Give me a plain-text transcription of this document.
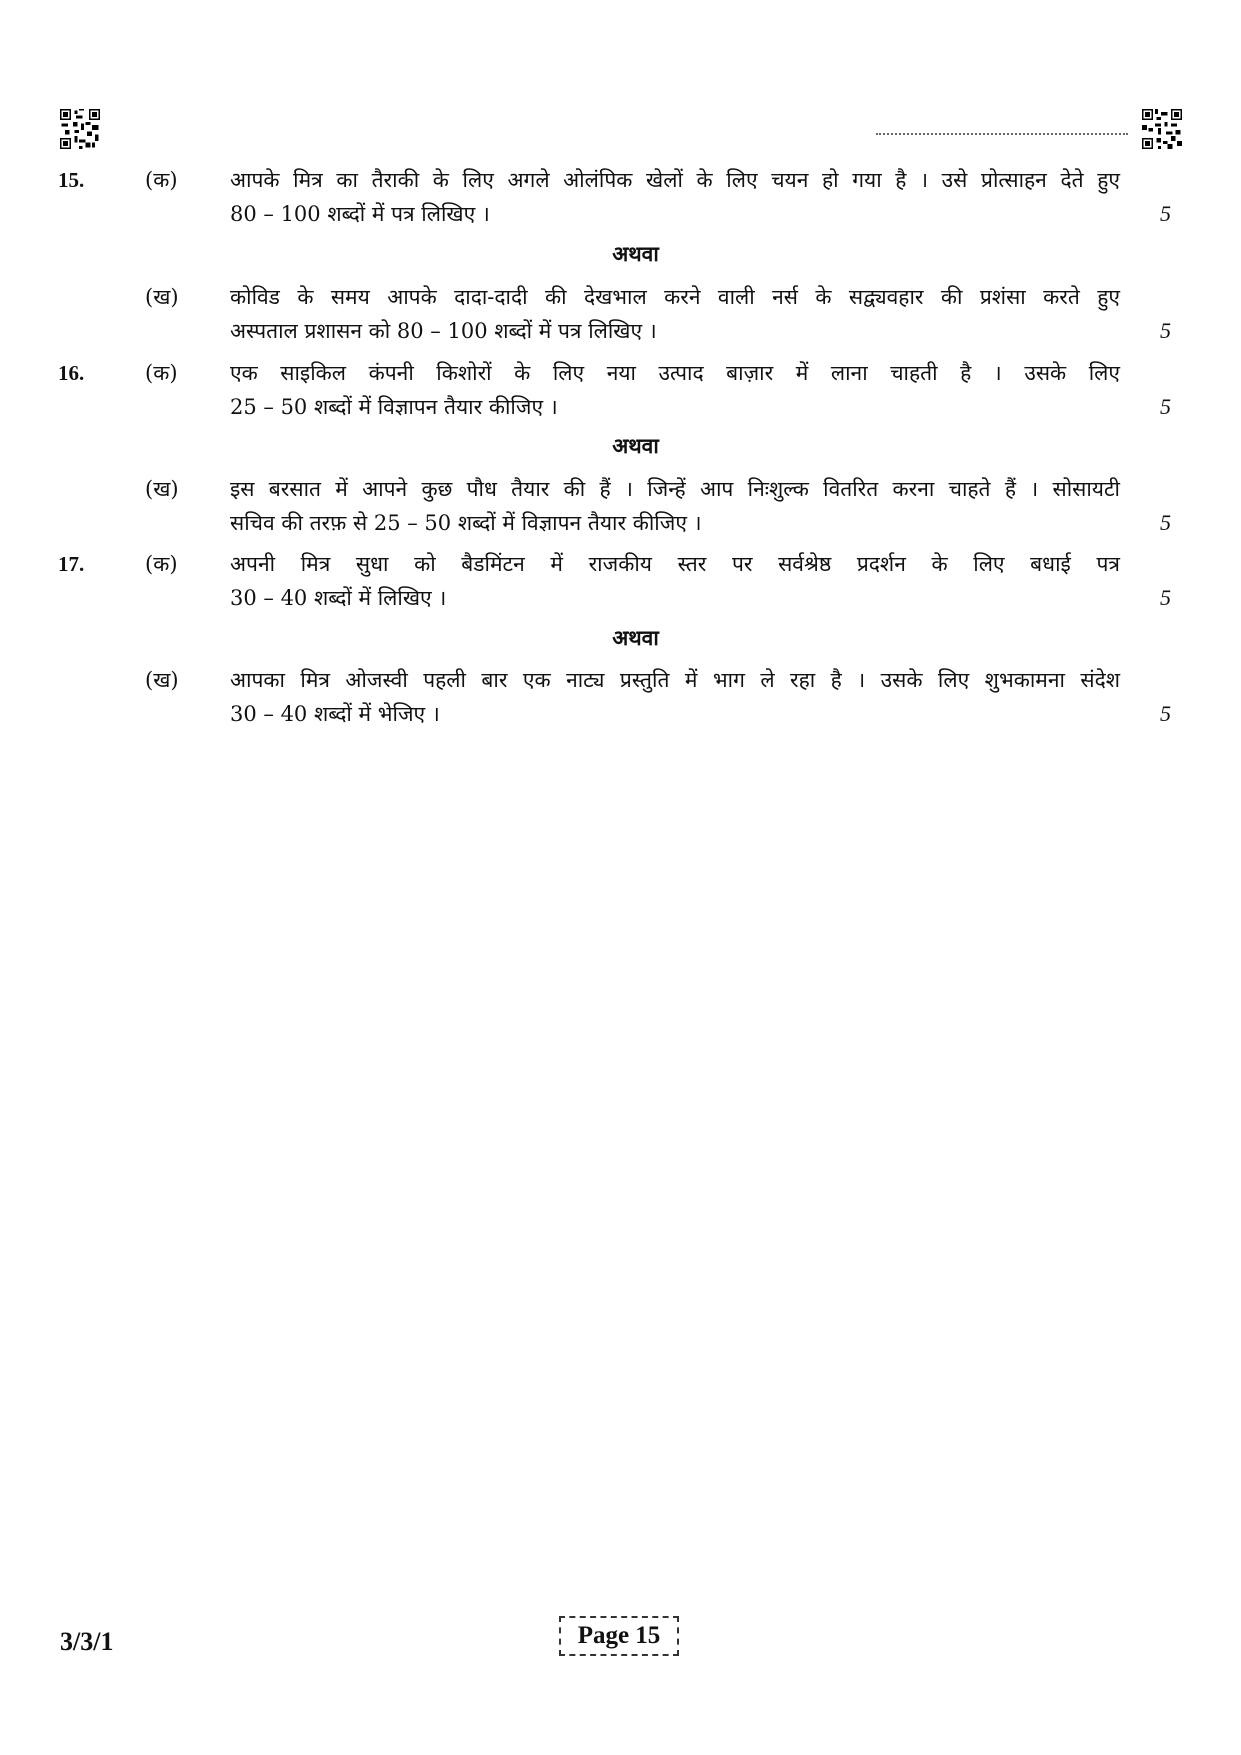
15.	(क) आपके मित्र का तैराकी के लिए अगले ओलंपिक खेलों के लिए चयन हो गया है । उसे प्रोत्साहन देते हुए
80 – 100 शब्दों में पत्र लिखिए ।	5
अथवा
(ख) कोविड के समय आपके दादा-दादी की देखभाल करने वाली नर्स के सद्व्यवहार की प्रशंसा करते हुए
अस्पताल प्रशासन को 80 – 100 शब्दों में पत्र लिखिए ।	5
16.	(क) एक साइकिल कंपनी किशोरों के लिए नया उत्पाद बाज़ार में लाना चाहती है । उसके लिए
25 – 50 शब्दों में विज्ञापन तैयार कीजिए ।	5
अथवा
(ख) इस बरसात में आपने कुछ पौध तैयार की हैं । जिन्हें आप निःशुल्क वितरित करना चाहते हैं । सोसायटी
सचिव की तरफ़ से 25 – 50 शब्दों में विज्ञापन तैयार कीजिए ।	5
17.	(क) अपनी मित्र सुधा को बैडमिंटन में राजकीय स्तर पर सर्वश्रेष्ठ प्रदर्शन के लिए बधाई पत्र
30 – 40 शब्दों में लिखिए ।	5
अथवा
(ख) आपका मित्र ओजस्वी पहली बार एक नाट्य प्रस्तुति में भाग ले रहा है । उसके लिए शुभकामना संदेश
30 – 40 शब्दों में भेजिए ।	5
3/3/1	Page 15
